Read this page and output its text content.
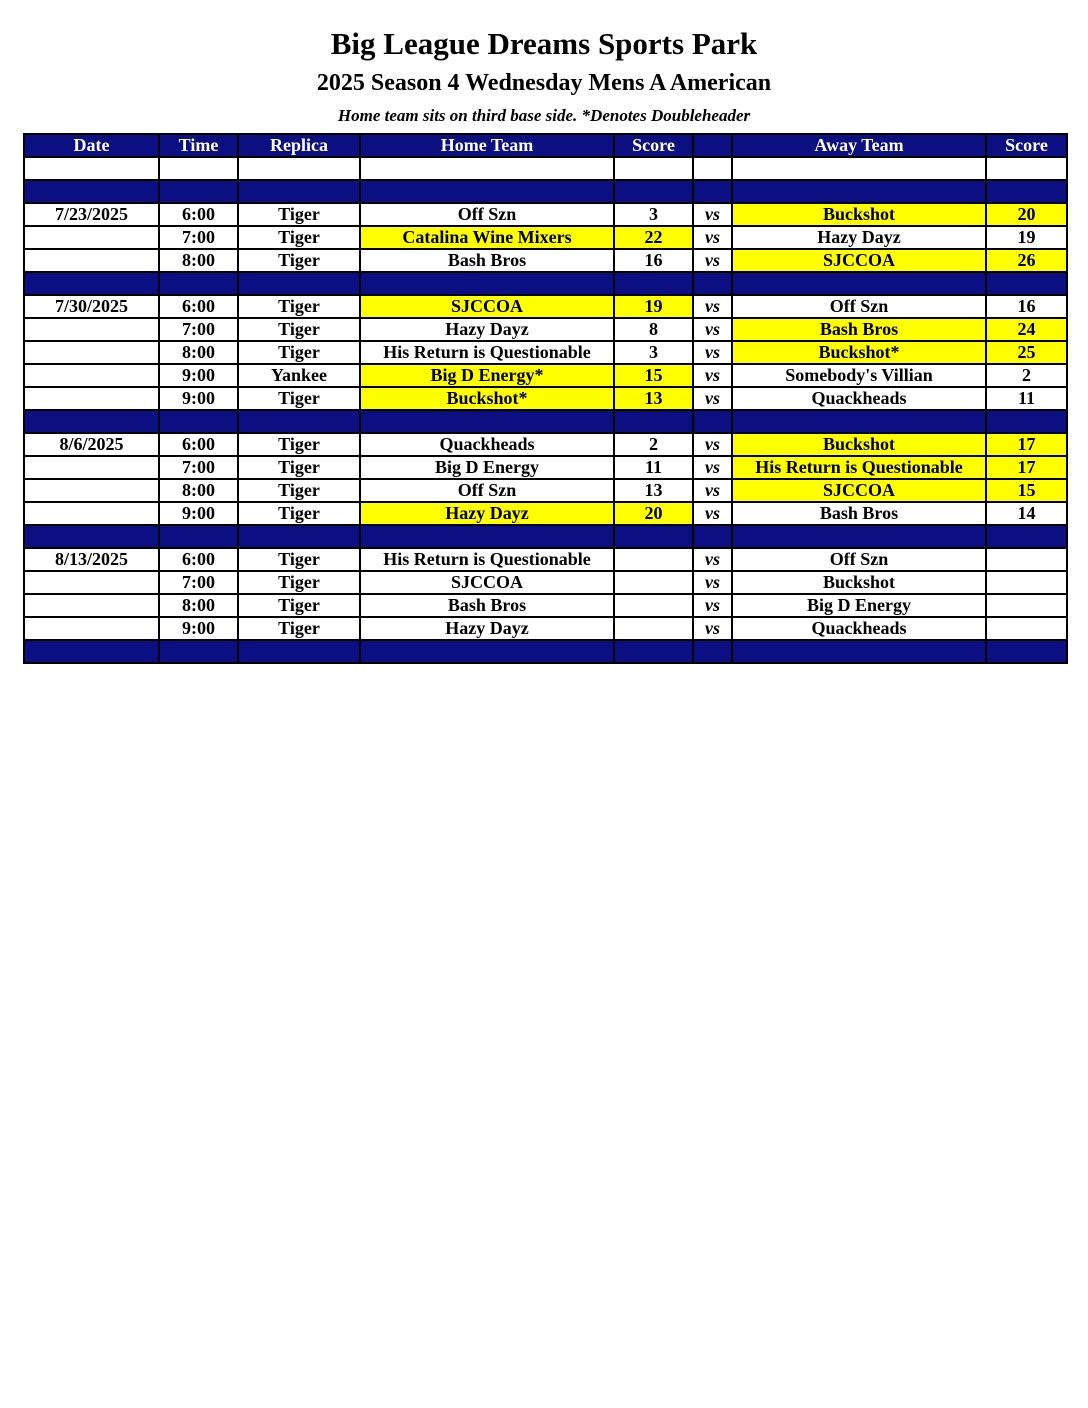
Big League Dreams Sports Park
2025 Season 4 Wednesday Mens A American
Home team sits on third base side. *Denotes Doubleheader
Date	Time	Replica	Home Team	Score		Away Team	Score

7/23/2025	6:00	Tiger	Off Szn	3	vs	Buckshot	20
	7:00	Tiger	Catalina Wine Mixers	22	vs	Hazy Dayz	19
	8:00	Tiger	Bash Bros	16	vs	SJCCOA	26

7/30/2025	6:00	Tiger	SJCCOA	19	vs	Off Szn	16
	7:00	Tiger	Hazy Dayz	8	vs	Bash Bros	24
	8:00	Tiger	His Return is Questionable	3	vs	Buckshot*	25
	9:00	Yankee	Big D Energy*	15	vs	Somebody's Villian	2
	9:00	Tiger	Buckshot*	13	vs	Quackheads	11

8/6/2025	6:00	Tiger	Quackheads	2	vs	Buckshot	17
	7:00	Tiger	Big D Energy	11	vs	His Return is Questionable	17
	8:00	Tiger	Off Szn	13	vs	SJCCOA	15
	9:00	Tiger	Hazy Dayz	20	vs	Bash Bros	14

8/13/2025	6:00	Tiger	His Return is Questionable		vs	Off Szn	
	7:00	Tiger	SJCCOA		vs	Buckshot	
	8:00	Tiger	Bash Bros		vs	Big D Energy	
	9:00	Tiger	Hazy Dayz		vs	Quackheads	
